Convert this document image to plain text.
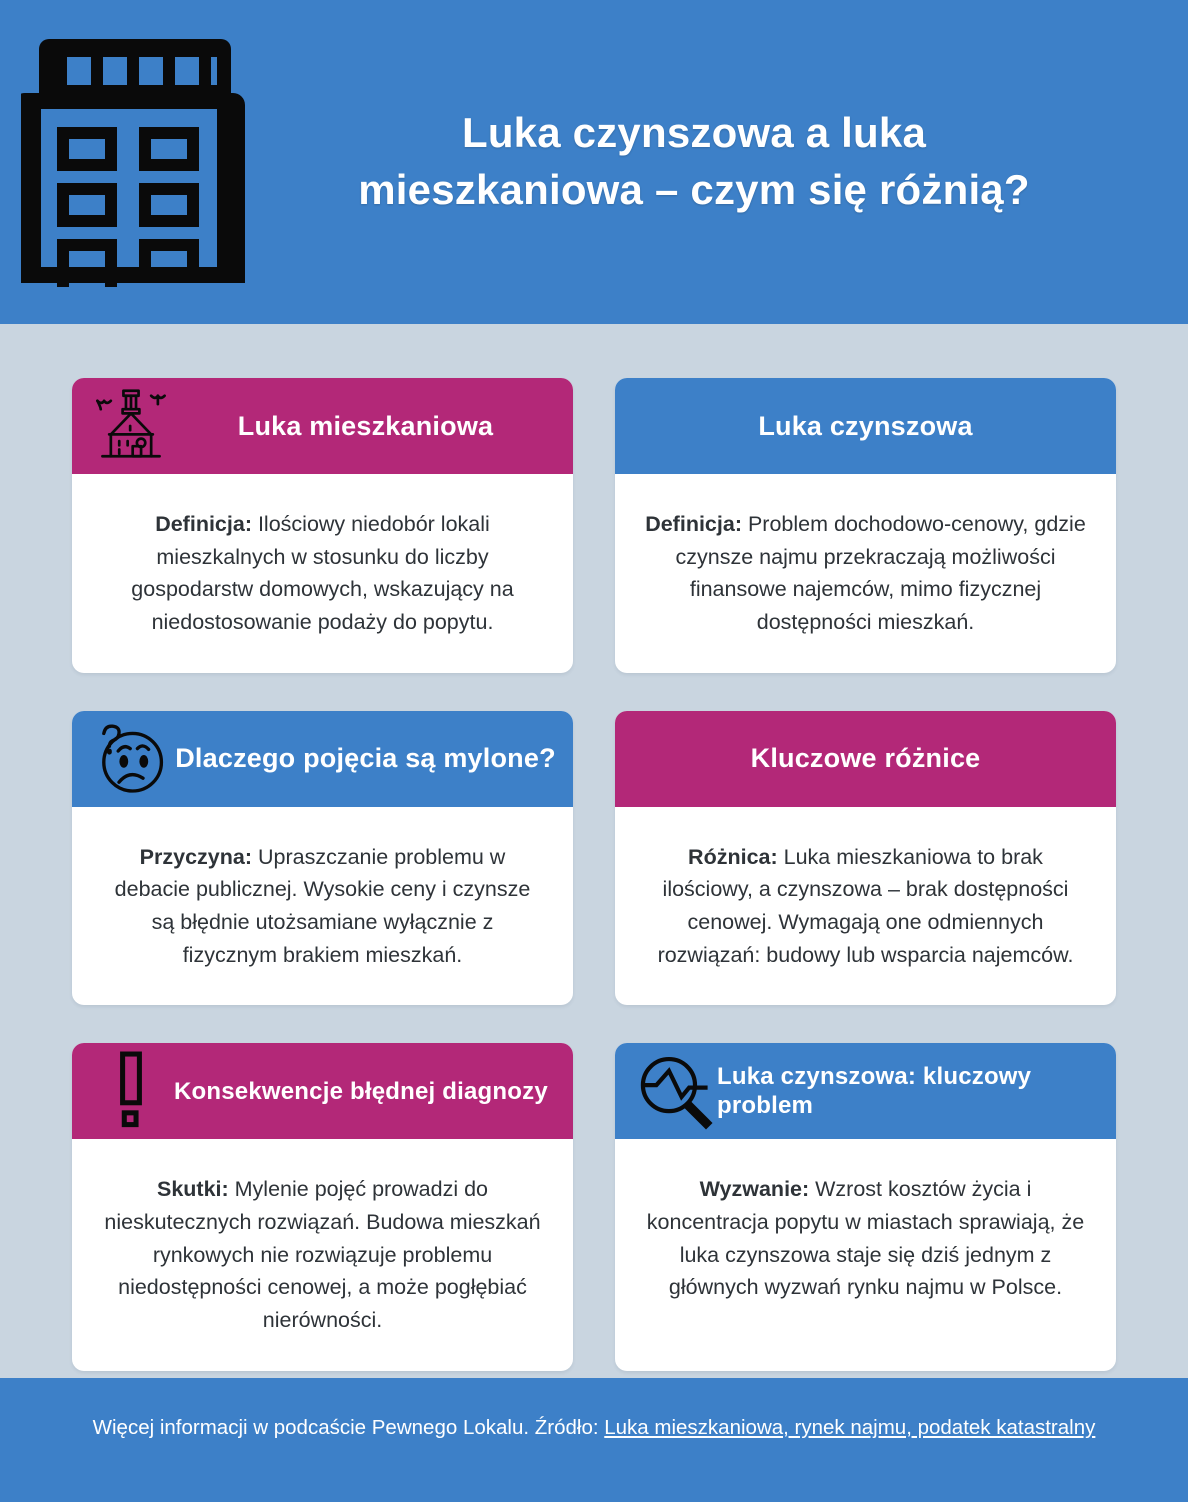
Luka czynszowa a luka
mieszkaniowa – czym się różnią?
Luka mieszkaniowa
Definicja: Ilościowy niedobór lokali mieszkalnych w stosunku do liczby gospodarstw domowych, wskazujący na niedostosowanie podaży do popytu.
Luka czynszowa
Definicja: Problem dochodowo-cenowy, gdzie czynsze najmu przekraczają możliwości finansowe najemców, mimo fizycznej dostępności mieszkań.
Dlaczego pojęcia są mylone?
Przyczyna: Upraszczanie problemu w debacie publicznej. Wysokie ceny i czynsze są błędnie utożsamiane wyłącznie z fizycznym brakiem mieszkań.
Kluczowe różnice
Różnica: Luka mieszkaniowa to brak ilościowy, a czynszowa – brak dostępności cenowej. Wymagają one odmiennych rozwiązań: budowy lub wsparcia najemców.
Konsekwencje błędnej diagnozy
Skutki: Mylenie pojęć prowadzi do nieskutecznych rozwiązań. Budowa mieszkań rynkowych nie rozwiązuje problemu niedostępności cenowej, a może pogłębiać nierówności.
Luka czynszowa: kluczowy problem
Wyzwanie: Wzrost kosztów życia i koncentracja popytu w miastach sprawiają, że luka czynszowa staje się dziś jednym z głównych wyzwań rynku najmu w Polsce.
Więcej informacji w podcaście Pewnego Lokalu. Źródło: Luka mieszkaniowa, rynek najmu, podatek katastralny
